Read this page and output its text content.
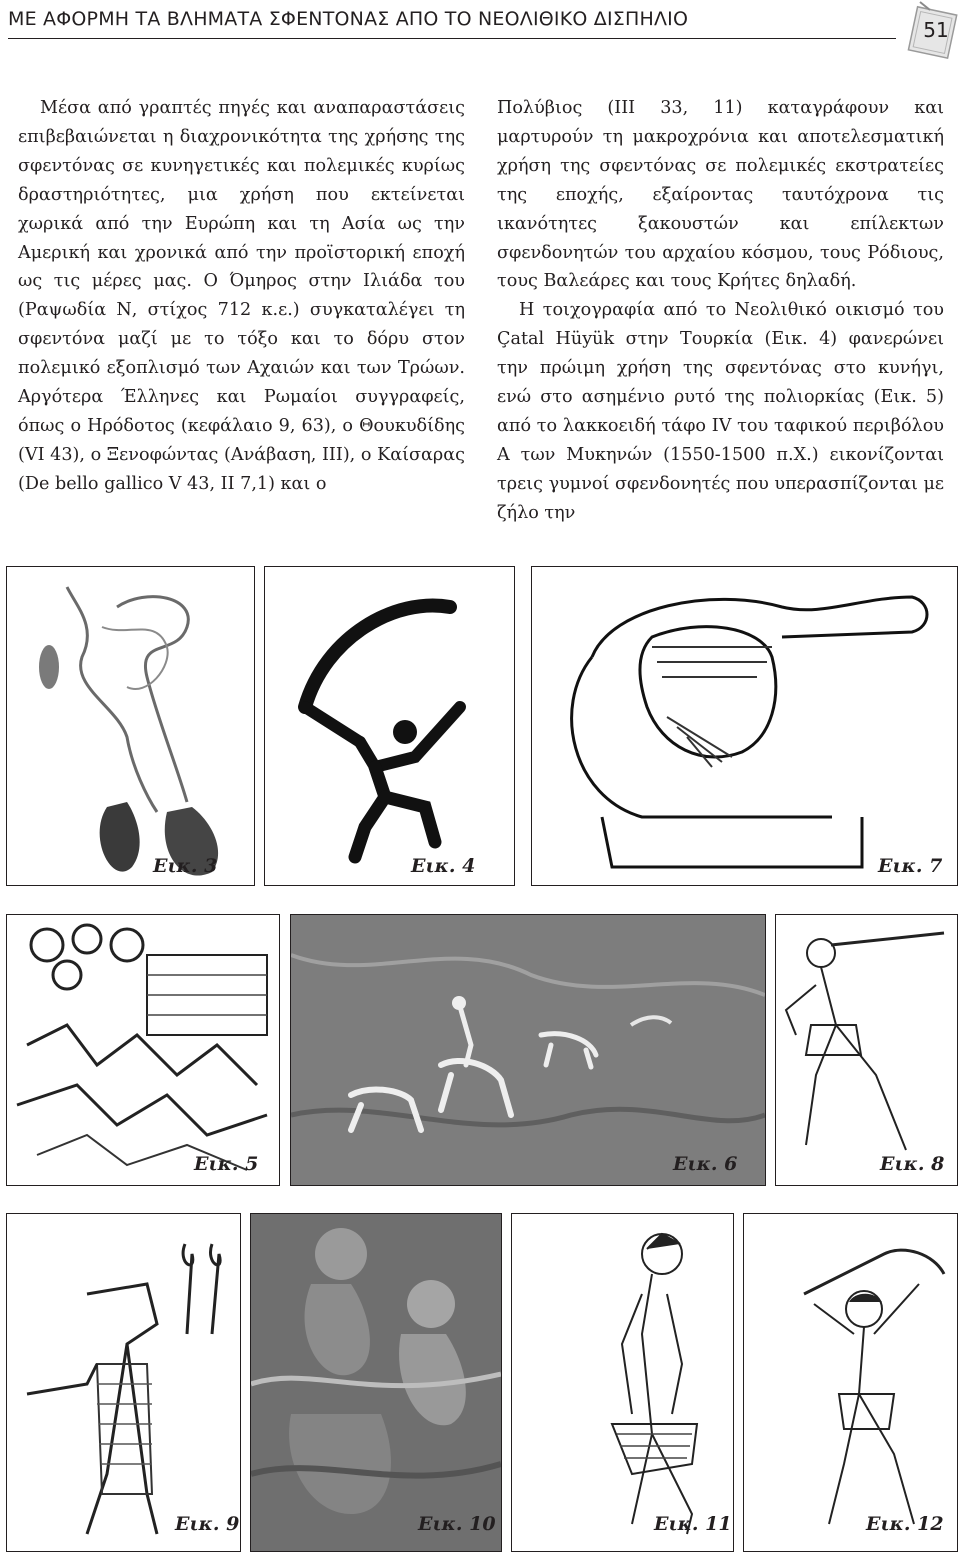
ΜΕ ΑΦΟΡΜΗ ΤΑ ΒΛΗΜΑΤΑ ΣΦΕΝΤΟΝΑΣ ΑΠΟ ΤΟ ΝΕΟΛΙΘΙΚΟ ΔΙΣΠΗΛΙΟ	51

Μέσα από γραπτές πηγές και αναπαραστάσεις επιβεβαιώνεται η διαχρονικότητα της χρήσης της σφεντόνας σε κυνηγετικές και πολεμικές κυρίως δραστηριότητες, μια χρήση που εκτείνεται χωρικά από την Ευρώπη και τη Ασία ως την Αμερική και χρονικά από την προϊστορική εποχή ως τις μέρες μας. Ο Όμηρος στην Ιλιάδα του (Ραψωδία Ν, στίχος 712 κ.ε.) συγκαταλέγει τη σφεντόνα μαζί με το τόξο και το δόρυ στον πολεμικό εξοπλισμό των Αχαιών και των Τρώων. Αργότερα Έλληνες και Ρωμαίοι συγγραφείς, όπως ο Ηρόδοτος (κεφάλαιο 9, 63), ο Θουκυδίδης (VI 43), ο Ξενοφώντας (Ανάβαση, ΙΙΙ), ο Καίσαρας (De bello gallico V 43, II 7,1) και ο

Πολύβιος (ΙΙΙ 33, 11) καταγράφουν και μαρτυρούν τη μακροχρόνια και αποτελεσματική χρήση της σφεντόνας σε πολεμικές εκστρατείες της εποχής, εξαίροντας ταυτόχρονα τις ικανότητες ξακουστών και επίλεκτων σφενδονητών του αρχαίου κόσμου, τους Ρόδιους, τους Βαλεάρες και τους Κρήτες δηλαδή.

Η τοιχογραφία από το Νεολιθικό οικισμό του Çatal Hüyük στην Τουρκία (Εικ. 4) φανερώνει την πρώιμη χρήση της σφεντόνας στο κυνήγι, ενώ στο ασημένιο ρυτό της πολιορκίας (Εικ. 5) από το λακκοειδή τάφο IV του ταφικού περιβόλου Α των Μυκηνών (1550-1500 π.Χ.) εικονίζονται τρεις γυμνοί σφενδονητές που υπερασπίζονται με ζήλο την

Εικ. 3	Εικ. 4	Εικ. 7
Εικ. 5	Εικ. 6	Εικ. 8
Εικ. 9	Εικ. 10	Εικ. 11	Εικ. 12
